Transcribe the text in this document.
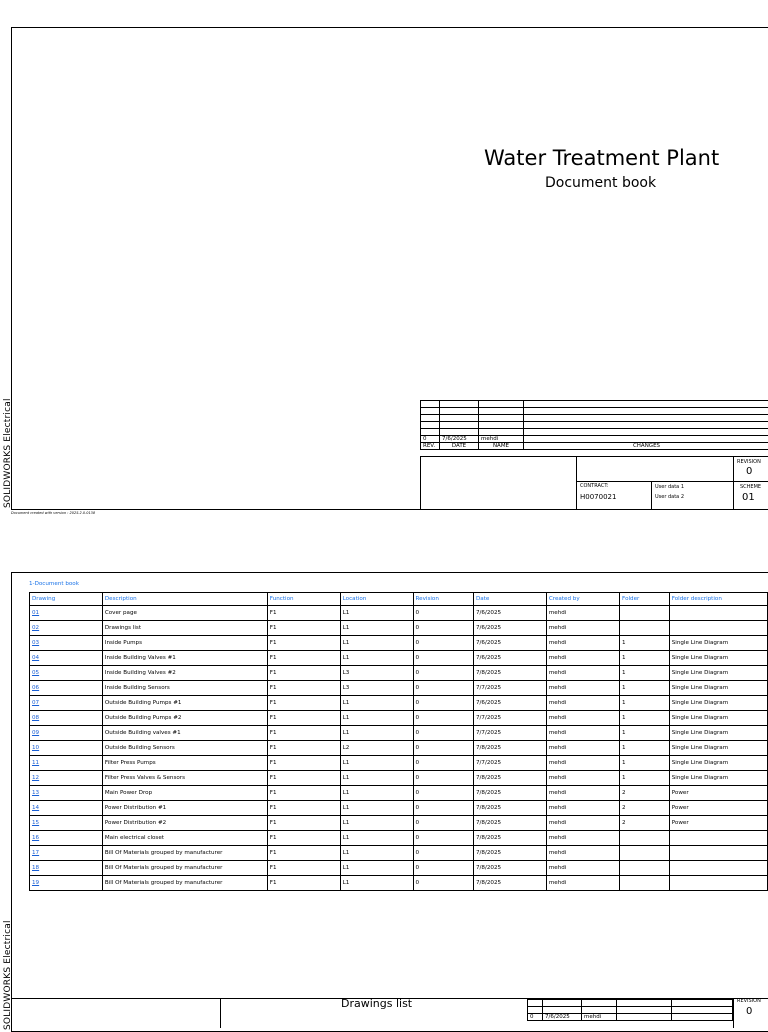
SOLIDWORKS Electrical
Water Treatment Plant
Document book

0	7/6/2025	mehdi	
REV.	DATE	NAME	CHANGES
CONTRACT:
H0070021
User data 1
User data 2
REVISION
0
SCHEME
01
Document created with version : 2025.2.0.0138
SOLIDWORKS Electrical
1-Document book
Drawing	Description	Function	Location	Revision	Date	Created by	Folder	Folder description
01	Cover page	F1	L1	0	7/6/2025	mehdi		
02	Drawings list	F1	L1	0	7/6/2025	mehdi		
03	Inside Pumps	F1	L1	0	7/6/2025	mehdi	1	Single Line Diagram
04	Inside Building Valves #1	F1	L1	0	7/6/2025	mehdi	1	Single Line Diagram
05	Inside Building Valves #2	F1	L3	0	7/8/2025	mehdi	1	Single Line Diagram
06	Inside Building Sensors	F1	L3	0	7/7/2025	mehdi	1	Single Line Diagram
07	Outside Building Pumps #1	F1	L1	0	7/6/2025	mehdi	1	Single Line Diagram
08	Outside Building Pumps #2	F1	L1	0	7/7/2025	mehdi	1	Single Line Diagram
09	Outside Building valves #1	F1	L1	0	7/7/2025	mehdi	1	Single Line Diagram
10	Outside Building Sensors	F1	L2	0	7/8/2025	mehdi	1	Single Line Diagram
11	Filter Press Pumps	F1	L1	0	7/7/2025	mehdi	1	Single Line Diagram
12	Filter Press Valves & Sensors	F1	L1	0	7/8/2025	mehdi	1	Single Line Diagram
13	Main Power Drop	F1	L1	0	7/8/2025	mehdi	2	Power
14	Power Distribution #1	F1	L1	0	7/8/2025	mehdi	2	Power
15	Power Distribution #2	F1	L1	0	7/8/2025	mehdi	2	Power
16	Main electrical closet	F1	L1	0	7/8/2025	mehdi		
17	Bill Of Materials grouped by manufacturer	F1	L1	0	7/8/2025	mehdi		
18	Bill Of Materials grouped by manufacturer	F1	L1	0	7/8/2025	mehdi		
19	Bill Of Materials grouped by manufacturer	F1	L1	0	7/8/2025	mehdi		
Drawings list

0	7/6/2025	mehdi		
REVISION
0
